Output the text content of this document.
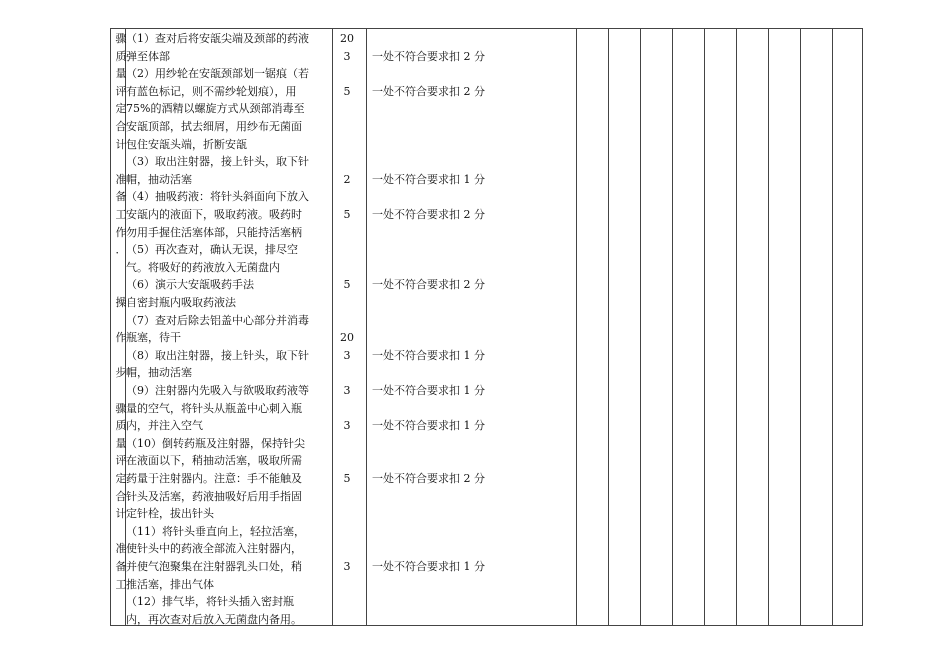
骤
质
量
评
定
合
计
准
备
工
作
．
操
作
步
骤
质
量
评
定
合
计
准
备
工
（1）查对后将安瓿尖端及颈部的药液
弹至体部
（2）用纱轮在安瓿颈部划一锯痕（若
有蓝色标记，则不需纱轮划痕），用
75%的酒精以螺旋方式从颈部消毒至
安瓿顶部，拭去细屑，用纱布无菌面
包住安瓿头端，折断安瓿
（3）取出注射器，接上针头，取下针
帽，抽动活塞
（4）抽吸药液：将针头斜面向下放入
安瓿内的液面下，吸取药液。吸药时
勿用手握住活塞体部，只能持活塞柄
（5）再次查对，确认无误，排尽空
气。将吸好的药液放入无菌盘内
（6）演示大安瓿吸药手法
自密封瓶内吸取药液法
（7）查对后除去铝盖中心部分并消毒
瓶塞，待干
（8）取出注射器，接上针头，取下针
帽，抽动活塞
（9）注射器内先吸入与欲吸取药液等
量的空气，将针头从瓶盖中心刺入瓶
内，并注入空气
（10）倒转药瓶及注射器，保持针尖
在液面以下，稍抽动活塞，吸取所需
药量于注射器内。注意：手不能触及
针头及活塞，药液抽吸好后用手指固
定针栓，拔出针头
（11）将针头垂直向上，轻拉活塞，
使针头中的药液全部流入注射器内，
并使气泡聚集在注射器乳头口处，稍
推活塞，排出气体
（12）排气毕，将针头插入密封瓶
内，再次查对后放入无菌盘内备用。
20
3
5
2
5
5
20
3
3
3
5
3
一处不符合要求扣 2 分
一处不符合要求扣 2 分
一处不符合要求扣 1 分
一处不符合要求扣 2 分
一处不符合要求扣 2 分
一处不符合要求扣 1 分
一处不符合要求扣 1 分
一处不符合要求扣 1 分
一处不符合要求扣 2 分
一处不符合要求扣 1 分
